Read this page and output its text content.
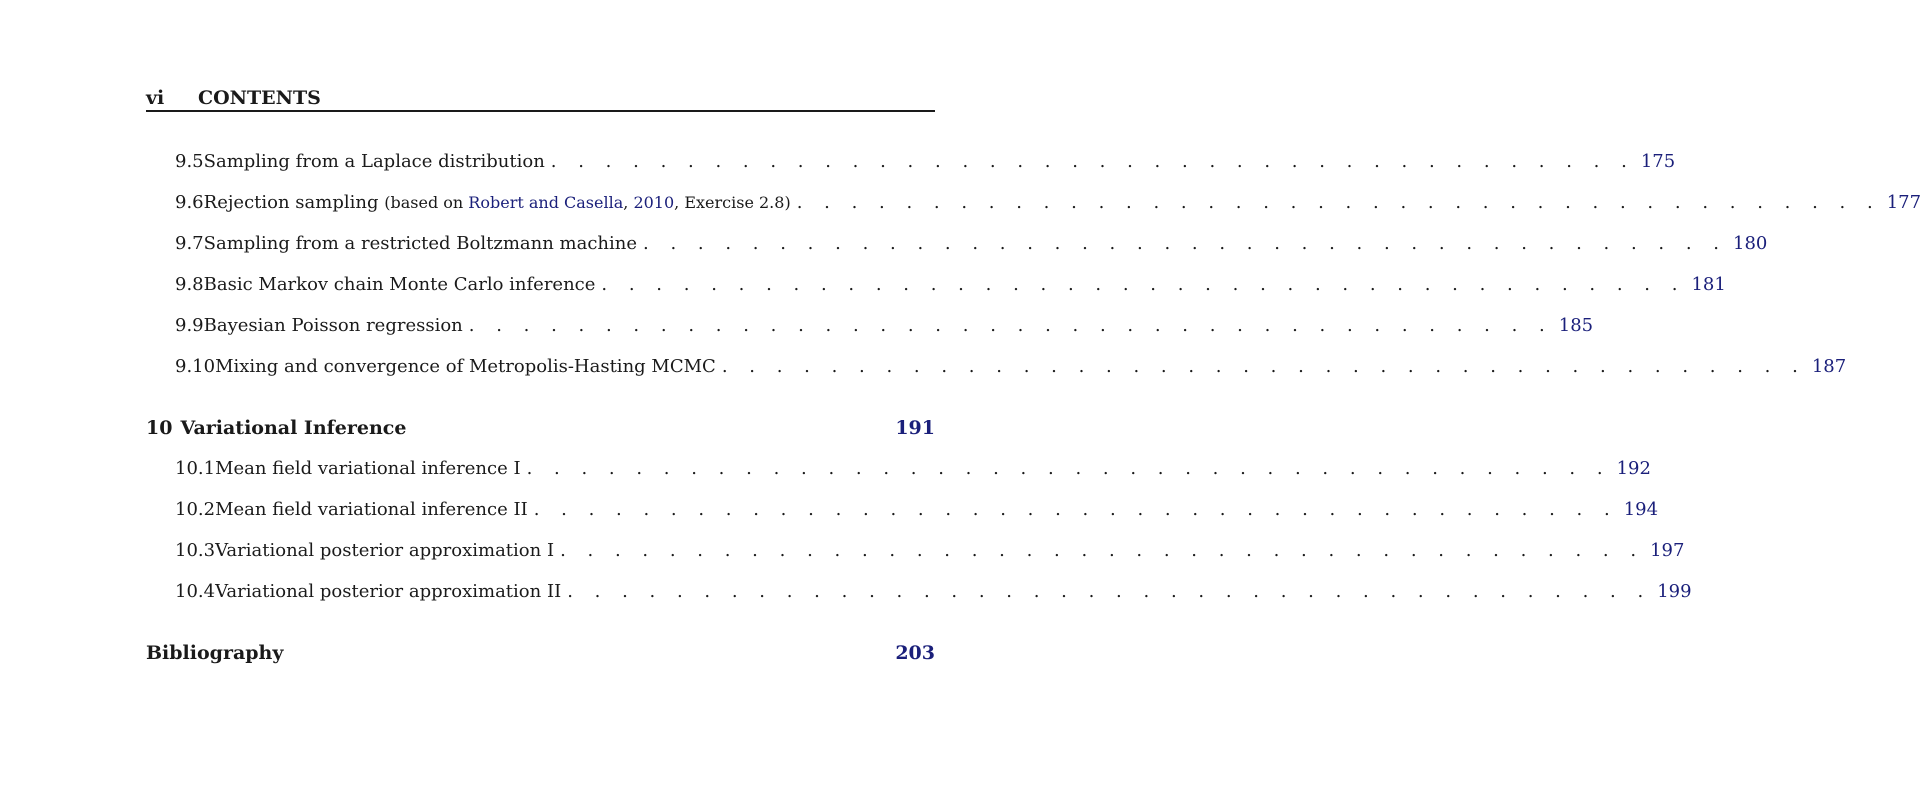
vi CONTENTS
9.5 Sampling from a Laplace distribution . . . . . . . . . . . . . . . . . . . . . . . . . . . . . . . . . . . . . . . . 175
9.6 Rejection sampling (based on Robert and Casella, 2010, Exercise 2.8) . . . . . . . . . . . . . . . . . . . . . . . . . . . . . . . . . . . . . . . . 177
9.7 Sampling from a restricted Boltzmann machine . . . . . . . . . . . . . . . . . . . . . . . . . . . . . . . . . . . . . . . . 180
9.8 Basic Markov chain Monte Carlo inference . . . . . . . . . . . . . . . . . . . . . . . . . . . . . . . . . . . . . . . . 181
9.9 Bayesian Poisson regression . . . . . . . . . . . . . . . . . . . . . . . . . . . . . . . . . . . . . . . . 185
9.10 Mixing and convergence of Metropolis-Hasting MCMC . . . . . . . . . . . . . . . . . . . . . . . . . . . . . . . . . . . . . . . . 187
10 Variational Inference	191
10.1 Mean field variational inference I . . . . . . . . . . . . . . . . . . . . . . . . . . . . . . . . . . . . . . . . 192
10.2 Mean field variational inference II . . . . . . . . . . . . . . . . . . . . . . . . . . . . . . . . . . . . . . . . 194
10.3 Variational posterior approximation I . . . . . . . . . . . . . . . . . . . . . . . . . . . . . . . . . . . . . . . . 197
10.4 Variational posterior approximation II . . . . . . . . . . . . . . . . . . . . . . . . . . . . . . . . . . . . . . . . 199
Bibliography	203
